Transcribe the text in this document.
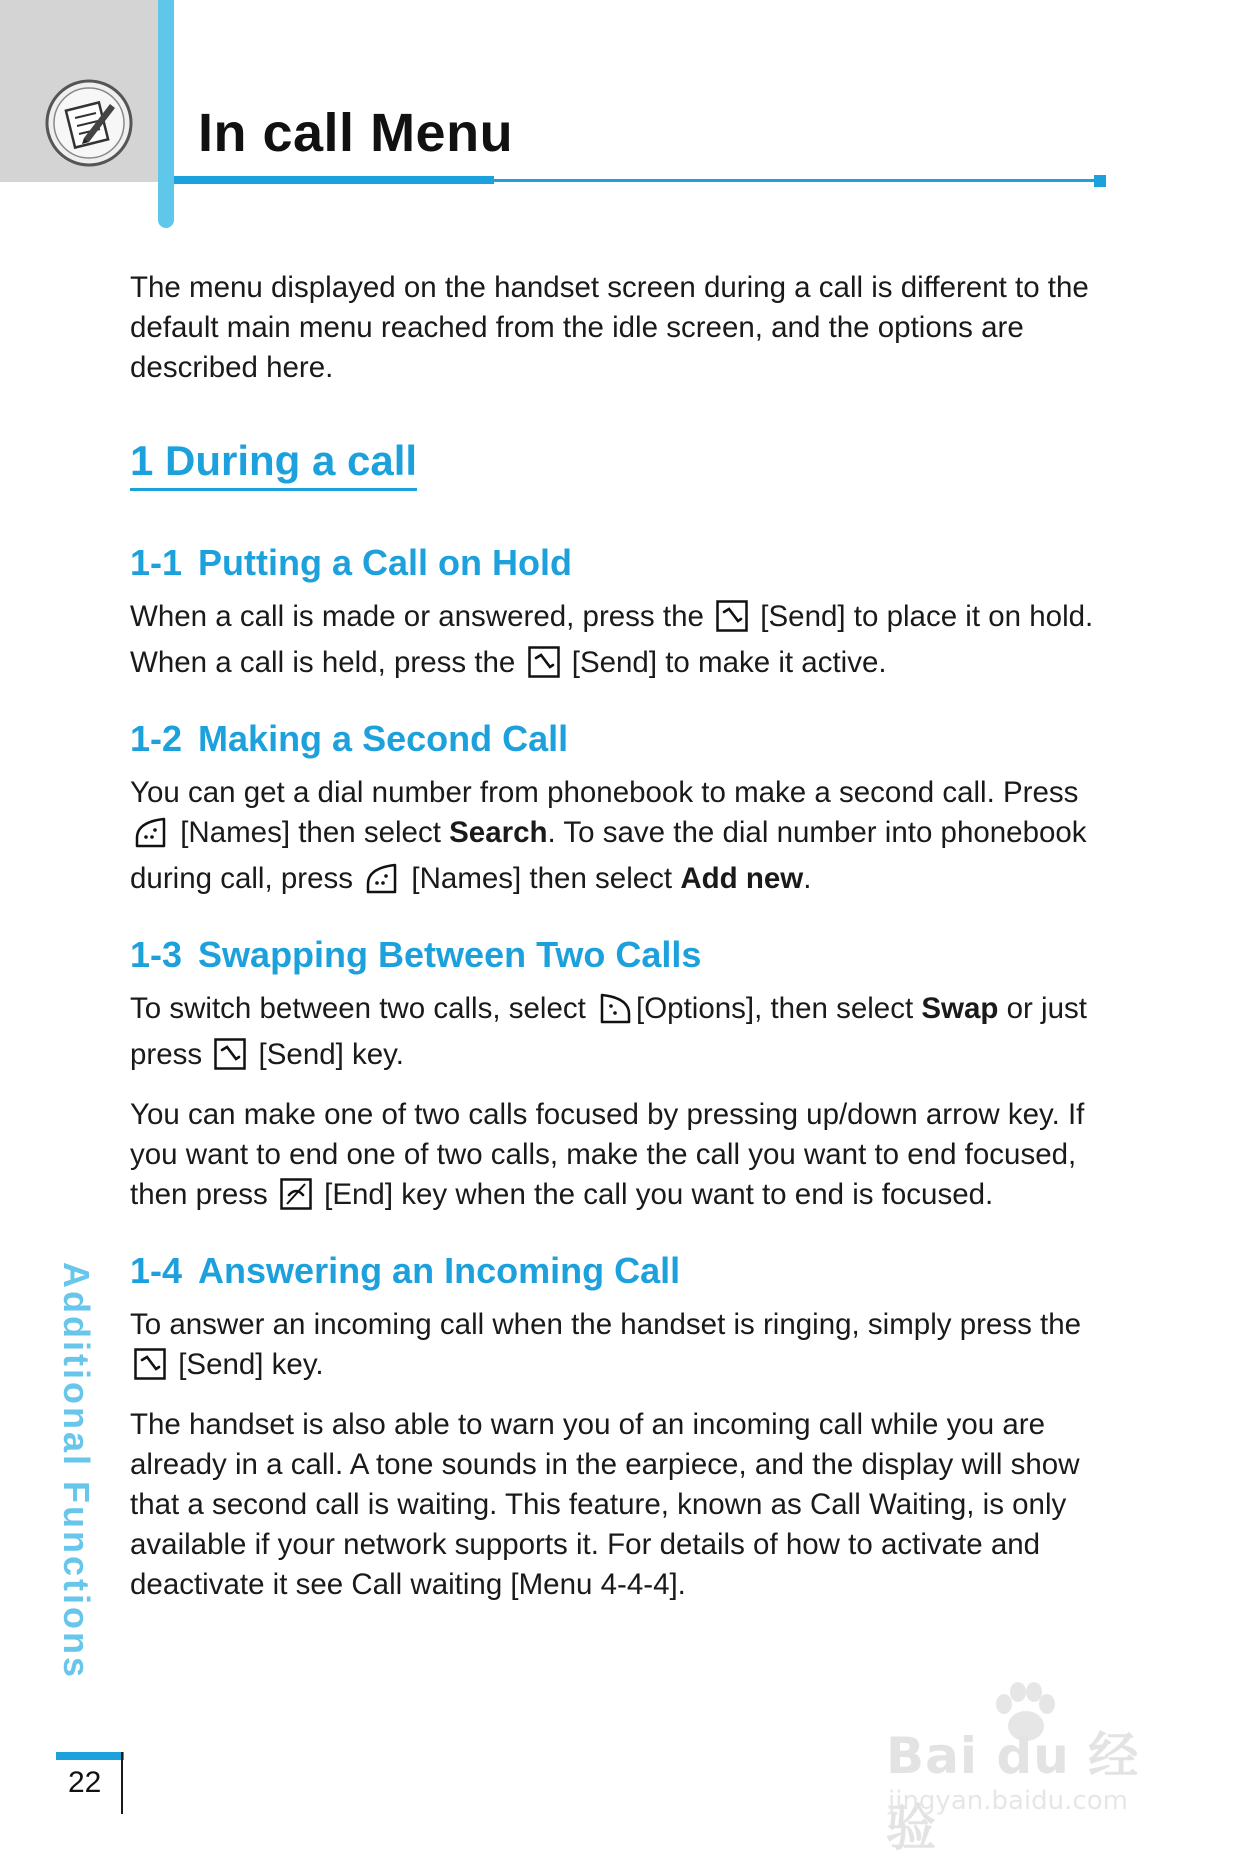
In call Menu

The menu displayed on the handset screen during a call is different to the default main menu reached from the idle screen, and the options are described here.

1 During a call
1-1 Putting a Call on Hold

When a call is made or answered, press the [Send] to place it on hold. When a call is held, press the [Send] to make it active.

1-2 Making a Second Call

You can get a dial number from phonebook to make a second call. Press  [Names] then select Search. To save the dial number into phonebook during call, press [Names] then select Add new.

1-3 Swapping Between Two Calls

To switch between two calls, select [Options], then select Swap or just press [Send] key.

You can make one of two calls focused by pressing up/down arrow key. If you want to end one of two calls, make the call you want to end focused, then press [End] key when the call you want to end is focused.

1-4 Answering an Incoming Call

To answer an incoming call when the handset is ringing, simply press the  [Send] key.

The handset is also able to warn you of an incoming call while you are already in a call. A tone sounds in the earpiece, and the display will show that a second call is waiting. This feature, known as Call Waiting, is only available if your network supports it. For details of how to activate and deactivate it see Call waiting [Menu 4-4-4].

Additional Functions
22	Bai du 经验
jingyan.baidu.com
